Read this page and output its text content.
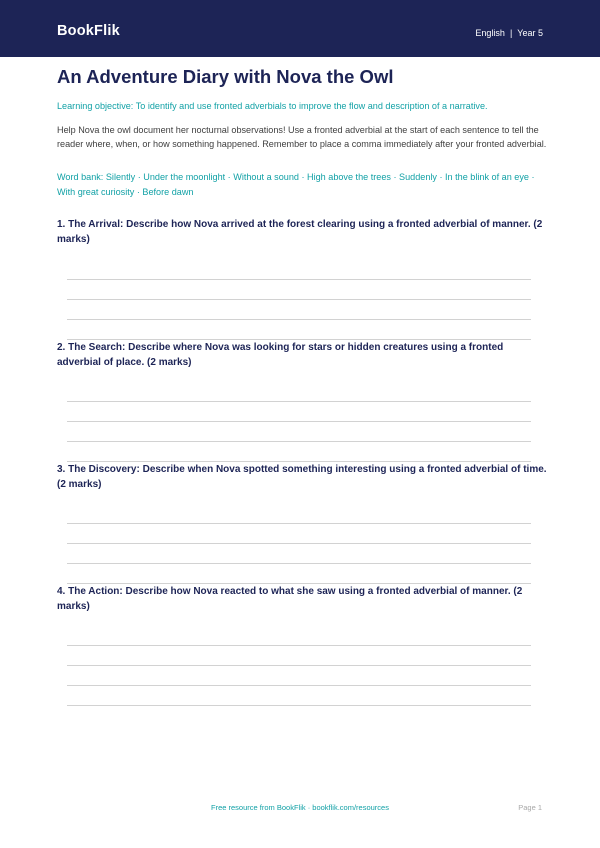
BookFlik	English | Year 5
An Adventure Diary with Nova the Owl
Learning objective: To identify and use fronted adverbials to improve the flow and description of a narrative.
Help Nova the owl document her nocturnal observations! Use a fronted adverbial at the start of each sentence to tell the reader where, when, or how something happened. Remember to place a comma immediately after your fronted adverbial.
Word bank: Silently · Under the moonlight · Without a sound · High above the trees · Suddenly · In the blink of an eye · With great curiosity · Before dawn
1. The Arrival: Describe how Nova arrived at the forest clearing using a fronted adverbial of manner. (2 marks)
2. The Search: Describe where Nova was looking for stars or hidden creatures using a fronted adverbial of place. (2 marks)
3. The Discovery: Describe when Nova spotted something interesting using a fronted adverbial of time. (2 marks)
4. The Action: Describe how Nova reacted to what she saw using a fronted adverbial of manner. (2 marks)
Free resource from BookFlik · bookflik.com/resources	Page 1
